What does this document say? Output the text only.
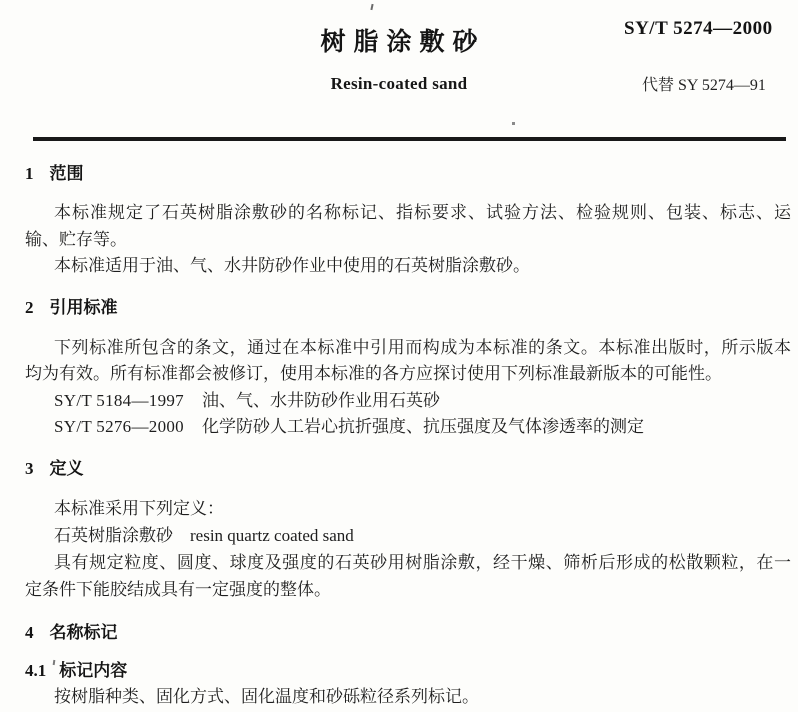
树脂涂敷砂
Resin-coated sand
SY/T 5274—2000
代替 SY 5274—91
1 范围
本标准规定了石英树脂涂敷砂的名称标记、指标要求、试验方法、检验规则、包装、标志、运
输、贮存等。
本标准适用于油、气、水井防砂作业中使用的石英树脂涂敷砂。
2 引用标准
下列标准所包含的条文，通过在本标准中引用而构成为本标准的条文。本标准出版时，所示版本
均为有效。所有标准都会被修订，使用本标准的各方应探讨使用下列标准最新版本的可能性。
SY/T 5184—1997 油、气、水井防砂作业用石英砂
SY/T 5276—2000 化学防砂人工岩心抗折强度、抗压强度及气体渗透率的测定
3 定义
本标准采用下列定义：
石英树脂涂敷砂 resin quartz coated sand
具有规定粒度、圆度、球度及强度的石英砂用树脂涂敷，经干燥、筛析后形成的松散颗粒，在一
定条件下能胶结成具有一定强度的整体。
4 名称标记
4.1 标记内容
按树脂种类、固化方式、固化温度和砂砾粒径系列标记。
